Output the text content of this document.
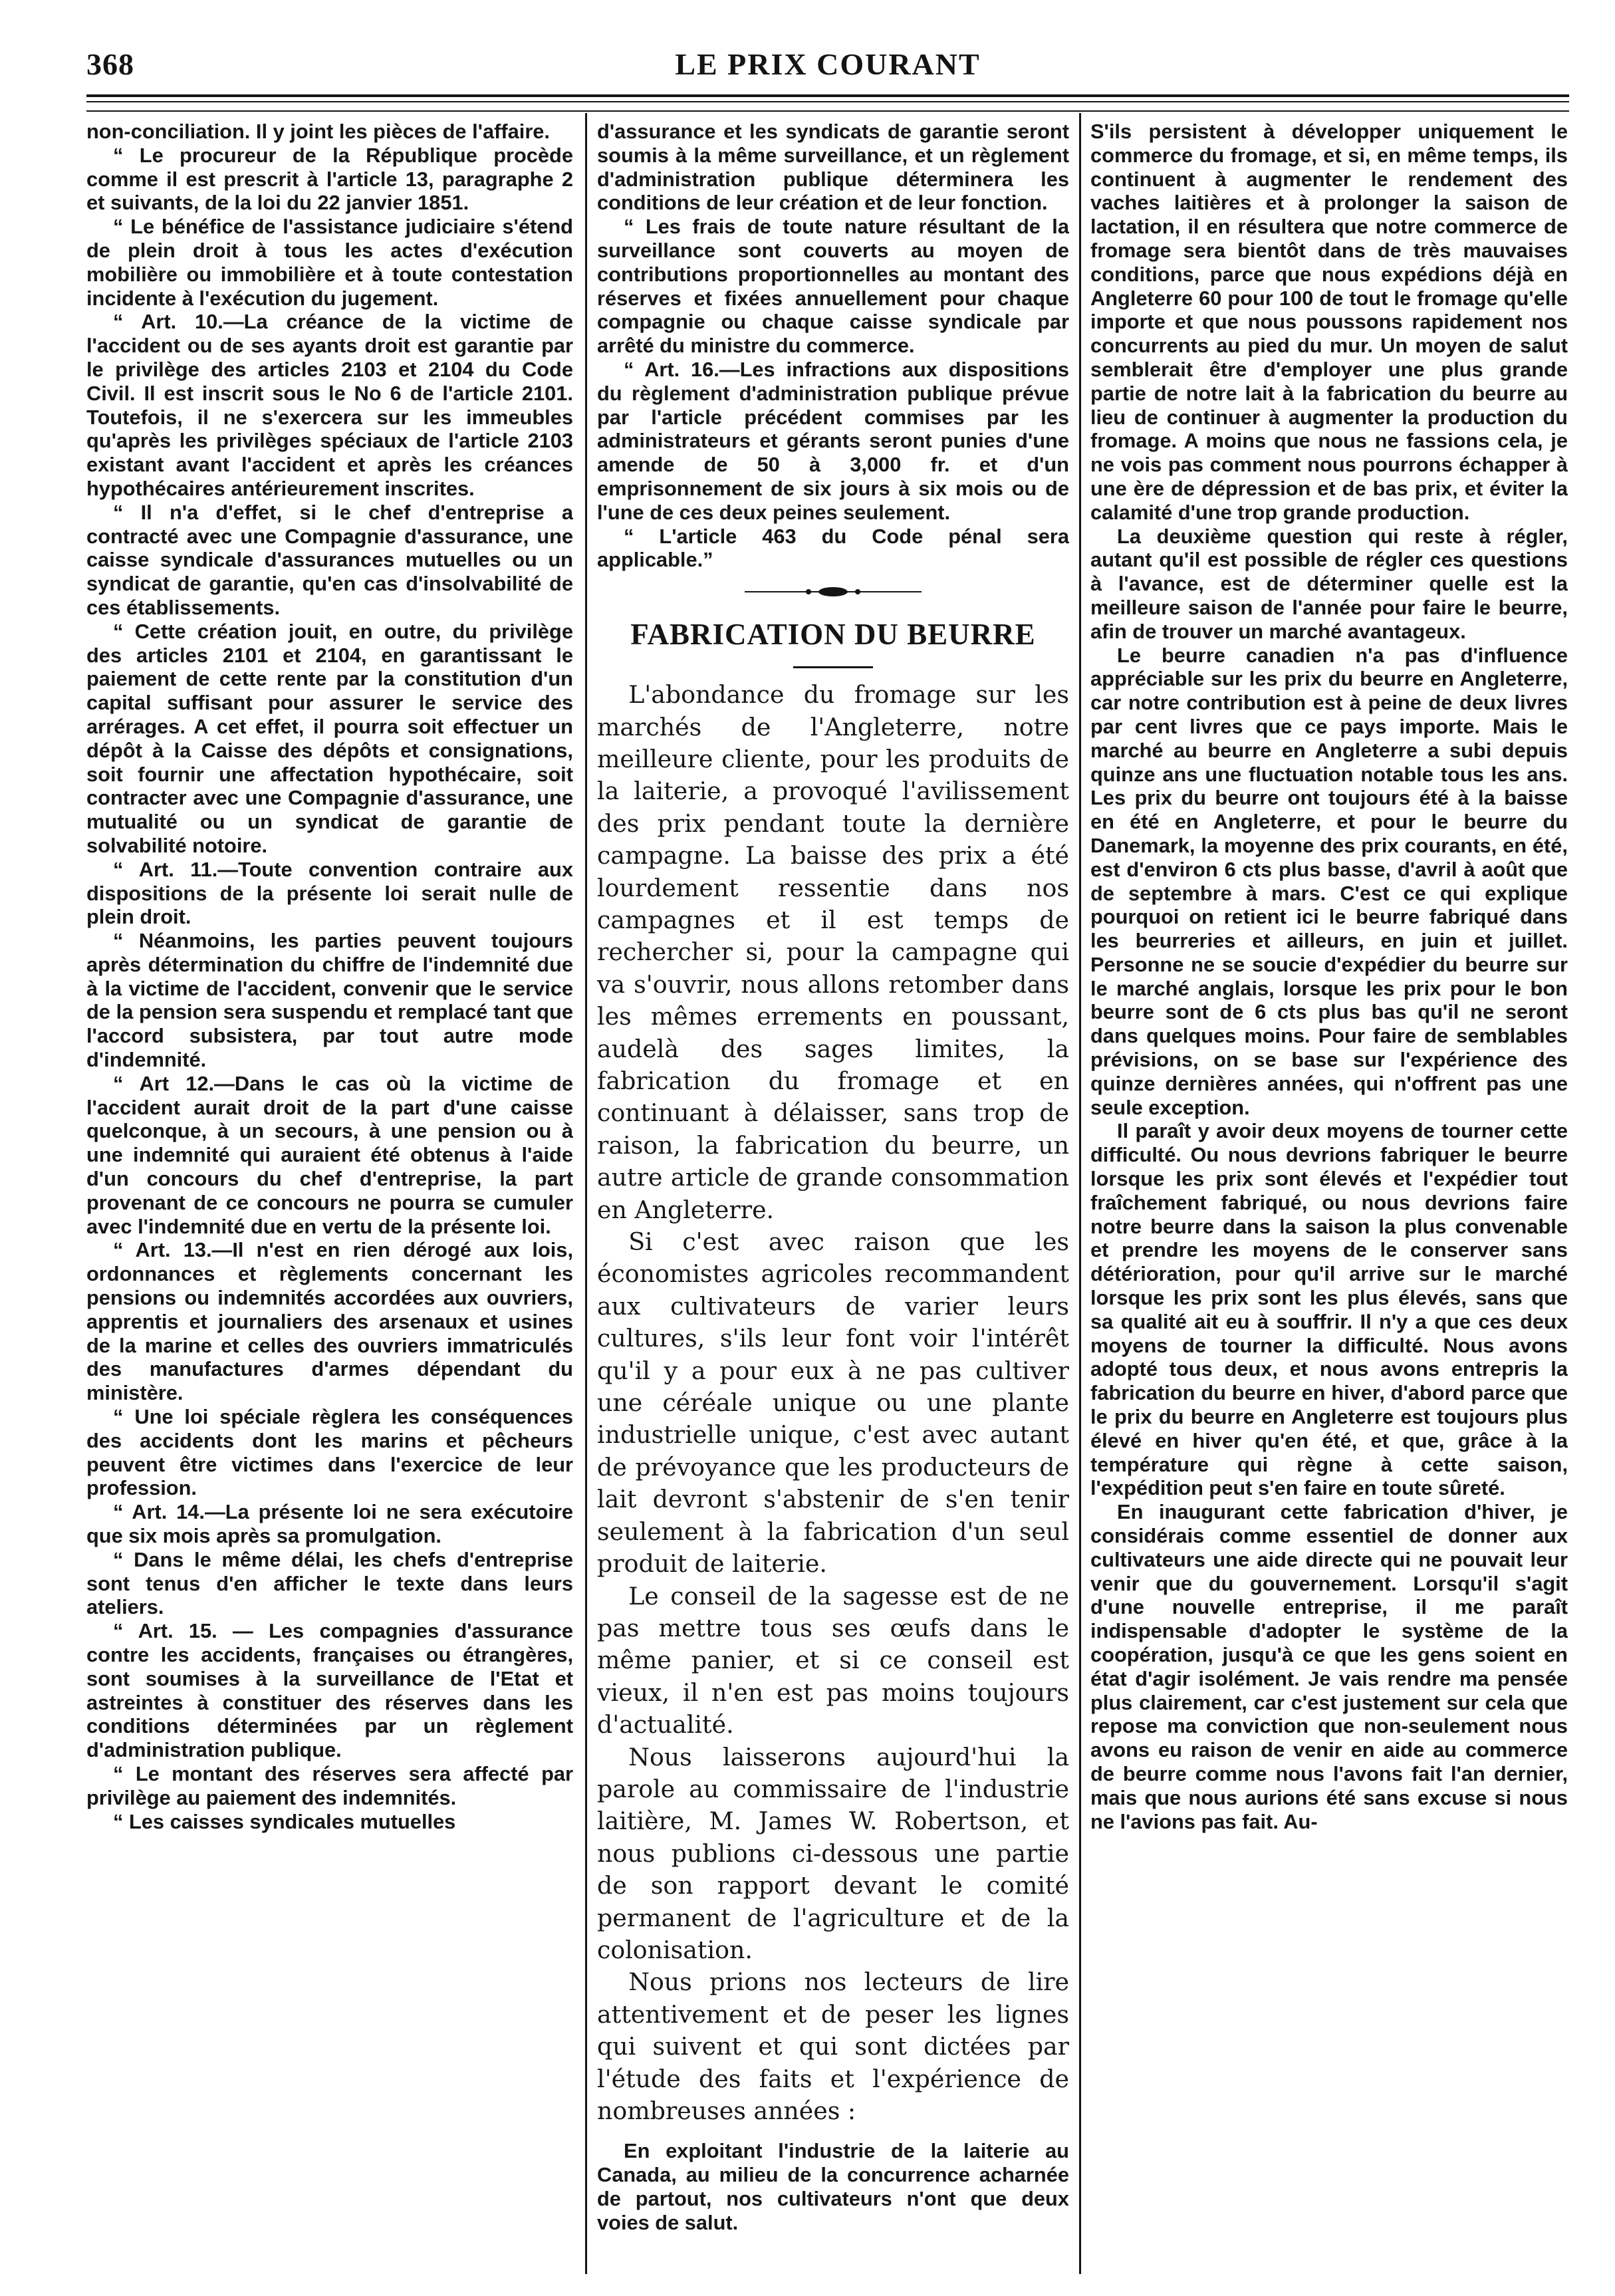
LE PRIX COURANT
368

non-conciliation. Il y joint les pièces de l'affaire.

“ Le procureur de la République procède comme il est prescrit à l'article 13, paragraphe 2 et suivants, de la loi du 22 janvier 1851.

“ Le bénéfice de l'assistance judiciaire s'étend de plein droit à tous les actes d'exécution mobilière ou immobilière et à toute contestation incidente à l'exécution du jugement.

“ Art. 10.—La créance de la victime de l'accident ou de ses ayants droit est garantie par le privilège des articles 2103 et 2104 du Code Civil. Il est inscrit sous le No 6 de l'article 2101. Toutefois, il ne s'exercera sur les immeubles qu'après les privilèges spéciaux de l'article 2103 existant avant l'accident et après les créances hypothécaires antérieurement inscrites.

“ Il n'a d'effet, si le chef d'entreprise a contracté avec une Compagnie d'assurance, une caisse syndicale d'assurances mutuelles ou un syndicat de garantie, qu'en cas d'insolvabilité de ces établissements.

“ Cette création jouit, en outre, du privilège des articles 2101 et 2104, en garantissant le paiement de cette rente par la constitution d'un capital suffisant pour assurer le service des arrérages. A cet effet, il pourra soit effectuer un dépôt à la Caisse des dépôts et consignations, soit fournir une affectation hypothécaire, soit contracter avec une Compagnie d'assurance, une mutualité ou un syndicat de garantie de solvabilité notoire.

“ Art. 11.—Toute convention contraire aux dispositions de la présente loi serait nulle de plein droit.

“ Néanmoins, les parties peuvent toujours après détermination du chiffre de l'indemnité due à la victime de l'accident, convenir que le service de la pension sera suspendu et remplacé tant que l'accord subsistera, par tout autre mode d'indemnité.

“ Art 12.—Dans le cas où la victime de l'accident aurait droit de la part d'une caisse quelconque, à un secours, à une pension ou à une indemnité qui auraient été obtenus à l'aide d'un concours du chef d'entreprise, la part provenant de ce concours ne pourra se cumuler avec l'indemnité due en vertu de la présente loi.

“ Art. 13.—Il n'est en rien dérogé aux lois, ordonnances et règlements concernant les pensions ou indemnités accordées aux ouvriers, apprentis et journaliers des arsenaux et usines de la marine et celles des ouvriers immatriculés des manufactures d'armes dépendant du ministère.

“ Une loi spéciale règlera les conséquences des accidents dont les marins et pêcheurs peuvent être victimes dans l'exercice de leur profession.

“ Art. 14.—La présente loi ne sera exécutoire que six mois après sa promulgation.

“ Dans le même délai, les chefs d'entreprise sont tenus d'en afficher le texte dans leurs ateliers.

“ Art. 15. — Les compagnies d'assurance contre les accidents, françaises ou étrangères, sont soumises à la surveillance de l'Etat et astreintes à constituer des réserves dans les conditions déterminées par un règlement d'administration publique.

“ Le montant des réserves sera affecté par privilège au paiement des indemnités.

“ Les caisses syndicales mutuelles

d'assurance et les syndicats de garantie seront soumis à la même surveillance, et un règlement d'administration publique déterminera les conditions de leur création et de leur fonction.

“ Les frais de toute nature résultant de la surveillance sont couverts au moyen de contributions proportionnelles au montant des réserves et fixées annuellement pour chaque compagnie ou chaque caisse syndicale par arrêté du ministre du commerce.

“ Art. 16.—Les infractions aux dispositions du règlement d'administration publique prévue par l'article précédent commises par les administrateurs et gérants seront punies d'une amende de 50 à 3,000 fr. et d'un emprisonnement de six jours à six mois ou de l'une de ces deux peines seulement.

“ L'article 463 du Code pénal sera applicable.”

FABRICATION DU BEURRE

L'abondance du fromage sur les marchés de l'Angleterre, notre meilleure cliente, pour les produits de la laiterie, a provoqué l'avilissement des prix pendant toute la dernière campagne. La baisse des prix a été lourdement ressentie dans nos campagnes et il est temps de rechercher si, pour la campagne qui va s'ouvrir, nous allons retomber dans les mêmes errements en poussant, audelà des sages limites, la fabrication du fromage et en continuant à délaisser, sans trop de raison, la fabrication du beurre, un autre article de grande consommation en Angleterre.

Si c'est avec raison que les économistes agricoles recommandent aux cultivateurs de varier leurs cultures, s'ils leur font voir l'intérêt qu'il y a pour eux à ne pas cultiver une céréale unique ou une plante industrielle unique, c'est avec autant de prévoyance que les producteurs de lait devront s'abstenir de s'en tenir seulement à la fabrication d'un seul produit de laiterie.

Le conseil de la sagesse est de ne pas mettre tous ses œufs dans le même panier, et si ce conseil est vieux, il n'en est pas moins toujours d'actualité.

Nous laisserons aujourd'hui la parole au commissaire de l'industrie laitière, M. James W. Robertson, et nous publions ci-dessous une partie de son rapport devant le comité permanent de l'agriculture et de la colonisation.

Nous prions nos lecteurs de lire attentivement et de peser les lignes qui suivent et qui sont dictées par l'étude des faits et l'expérience de nombreuses années :

En exploitant l'industrie de la laiterie au Canada, au milieu de la concurrence acharnée de partout, nos cultivateurs n'ont que deux voies de salut.

S'ils persistent à développer uniquement le commerce du fromage, et si, en même temps, ils continuent à augmenter le rendement des vaches laitières et à prolonger la saison de lactation, il en résultera que notre commerce de fromage sera bientôt dans de très mauvaises conditions, parce que nous expédions déjà en Angleterre 60 pour 100 de tout le fromage qu'elle importe et que nous poussons rapidement nos concurrents au pied du mur. Un moyen de salut semblerait être d'employer une plus grande partie de notre lait à la fabrication du beurre au lieu de continuer à augmenter la production du fromage. A moins que nous ne fassions cela, je ne vois pas comment nous pourrons échapper à une ère de dépression et de bas prix, et éviter la calamité d'une trop grande production.

La deuxième question qui reste à régler, autant qu'il est possible de régler ces questions à l'avance, est de déterminer quelle est la meilleure saison de l'année pour faire le beurre, afin de trouver un marché avantageux.

Le beurre canadien n'a pas d'influence appréciable sur les prix du beurre en Angleterre, car notre contribution est à peine de deux livres par cent livres que ce pays importe. Mais le marché au beurre en Angleterre a subi depuis quinze ans une fluctuation notable tous les ans. Les prix du beurre ont toujours été à la baisse en été en Angleterre, et pour le beurre du Danemark, la moyenne des prix courants, en été, est d'environ 6 cts plus basse, d'avril à août que de septembre à mars. C'est ce qui explique pourquoi on retient ici le beurre fabriqué dans les beurreries et ailleurs, en juin et juillet. Personne ne se soucie d'expédier du beurre sur le marché anglais, lorsque les prix pour le bon beurre sont de 6 cts plus bas qu'il ne seront dans quelques moins. Pour faire de semblables prévisions, on se base sur l'expérience des quinze dernières années, qui n'offrent pas une seule exception.

Il paraît y avoir deux moyens de tourner cette difficulté. Ou nous devrions fabriquer le beurre lorsque les prix sont élevés et l'expédier tout fraîchement fabriqué, ou nous devrions faire notre beurre dans la saison la plus convenable et prendre les moyens de le conserver sans détérioration, pour qu'il arrive sur le marché lorsque les prix sont les plus élevés, sans que sa qualité ait eu à souffrir. Il n'y a que ces deux moyens de tourner la difficulté. Nous avons adopté tous deux, et nous avons entrepris la fabrication du beurre en hiver, d'abord parce que le prix du beurre en Angleterre est toujours plus élevé en hiver qu'en été, et que, grâce à la température qui règne à cette saison, l'expédition peut s'en faire en toute sûreté.

En inaugurant cette fabrication d'hiver, je considérais comme essentiel de donner aux cultivateurs une aide directe qui ne pouvait leur venir que du gouvernement. Lorsqu'il s'agit d'une nouvelle entreprise, il me paraît indispensable d'adopter le système de la coopération, jusqu'à ce que les gens soient en état d'agir isolément. Je vais rendre ma pensée plus clairement, car c'est justement sur cela que repose ma conviction que non-seulement nous avons eu raison de venir en aide au commerce de beurre comme nous l'avons fait l'an dernier, mais que nous aurions été sans excuse si nous ne l'avions pas fait. Au-
